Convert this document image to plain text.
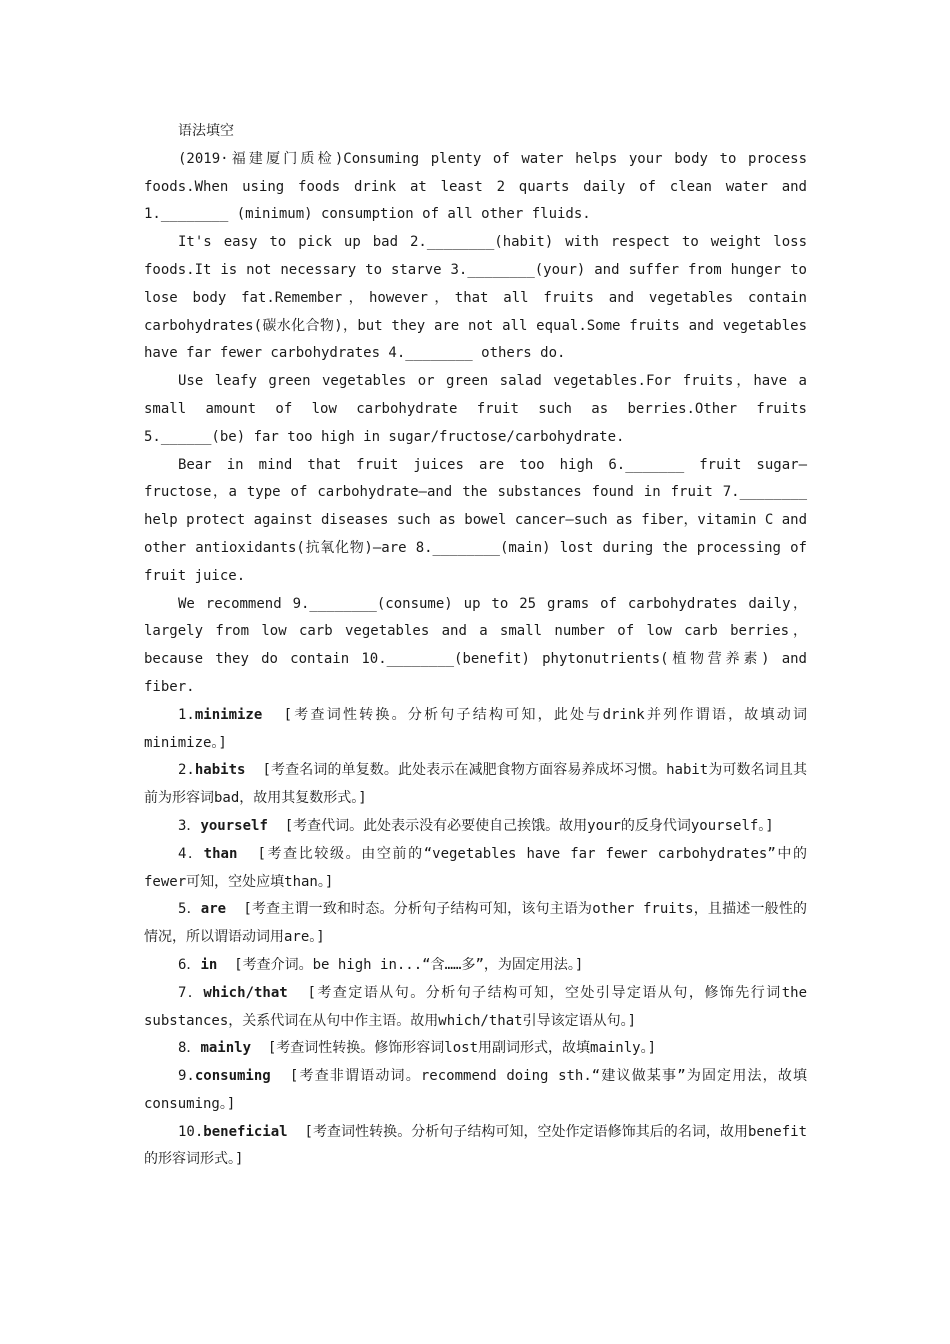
语法填空

(2019·福建厦门质检)Consuming plenty of water helps your body to process foods.When using foods drink at least 2 quarts daily of clean water and 1.________ (minimum) consumption of all other fluids.

It's easy to pick up bad 2.________(habit) with respect to weight loss foods.It is not necessary to starve 3.________(your) and suffer from hunger to lose body fat.Remember，however，that all fruits and vegetables contain carbohydrates(碳水化合物)，but they are not all equal.Some fruits and vegetables have far fewer carbohydrates 4.________ others do.

Use leafy green vegetables or green salad vegetables.For fruits，have a small amount of low carbohydrate fruit such as berries.Other fruits 5.______(be) far too high in sugar/fructose/carbohydrate.

Bear in mind that fruit juices are too high 6._______ fruit sugar—fructose，a type of carbohydrate—and the substances found in fruit 7.________ help protect against diseases such as bowel cancer—such as fiber，vitamin C and other antioxidants(抗氧化物)—are 8.________(main) lost during the processing of fruit juice.

We recommend 9.________(consume) up to 25 grams of carbohydrates daily，largely from low carb vegetables and a small number of low carb berries，because they do contain 10.________(benefit) phytonutrients(植物营养素) and fiber.

1.minimize [考查词性转换。分析句子结构可知，此处与drink并列作谓语，故填动词minimize。]

2.habits [考查名词的单复数。此处表示在减肥食物方面容易养成坏习惯。habit为可数名词且其前为形容词bad，故用其复数形式。]

3．yourself [考查代词。此处表示没有必要使自己挨饿。故用your的反身代词yourself。]

4．than [考查比较级。由空前的“vegetables have far fewer carbohydrates”中的fewer可知，空处应填than。]

5．are [考查主谓一致和时态。分析句子结构可知，该句主语为other fruits，且描述一般性的情况，所以谓语动词用are。]

6．in [考查介词。be high in...“含……多”，为固定用法。]

7．which/that [考查定语从句。分析句子结构可知，空处引导定语从句，修饰先行词the substances，关系代词在从句中作主语。故用which/that引导该定语从句。]

8．mainly [考查词性转换。修饰形容词lost用副词形式，故填mainly。]

9.consuming [考查非谓语动词。recommend doing sth.“建议做某事”为固定用法，故填consuming。]

10.beneficial [考查词性转换。分析句子结构可知，空处作定语修饰其后的名词，故用benefit的形容词形式。]
